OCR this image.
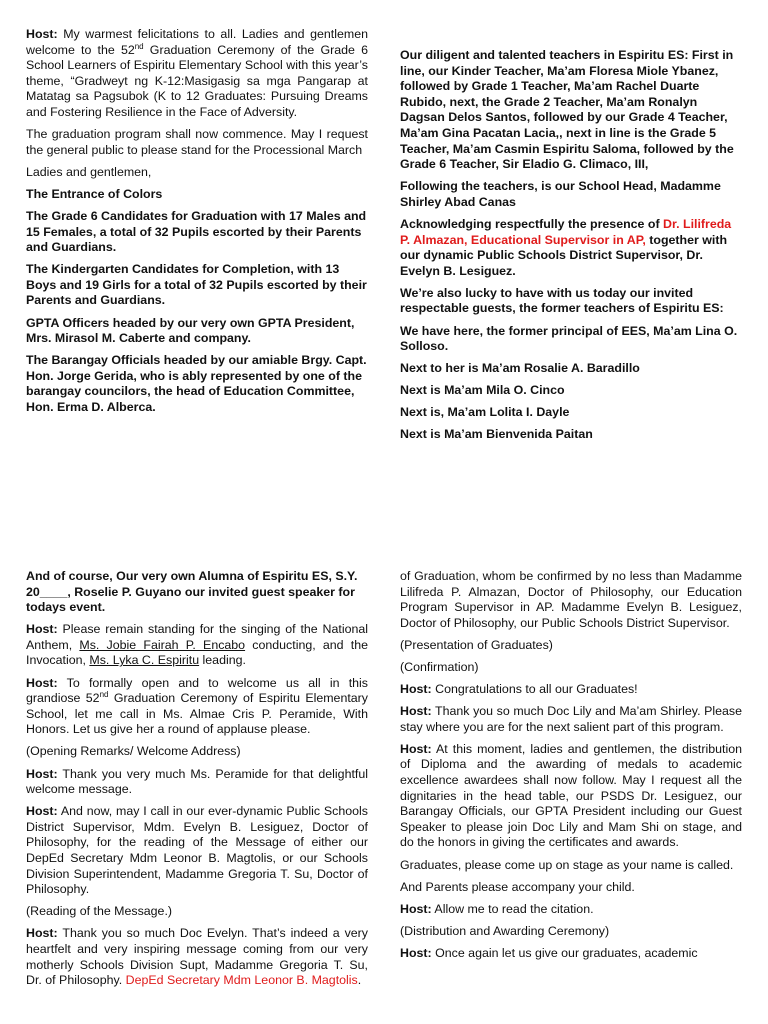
Host: My warmest felicitations to all. Ladies and gentlemen welcome to the 52nd Graduation Ceremony of the Grade 6 School Learners of Espiritu Elementary School with this year’s theme, “Gradweyt ng K-12:Masigasig sa mga Pangarap at Matatag sa Pagsubok (K to 12 Graduates: Pursuing Dreams and Fostering Resilience in the Face of Adversity.

The graduation program shall now commence. May I request the general public to please stand for the Processional March

Ladies and gentlemen,

The Entrance of Colors

The Grade 6 Candidates for Graduation with 17 Males and 15 Females, a total of 32 Pupils escorted by their Parents and Guardians.

The Kindergarten Candidates for Completion, with 13 Boys and 19 Girls for a total of 32 Pupils escorted by their Parents and Guardians.

GPTA Officers headed by our very own GPTA President, Mrs. Mirasol M. Caberte and company.

The Barangay Officials headed by our amiable Brgy. Capt. Hon. Jorge Gerida, who is ably represented by one of the barangay councilors, the head of Education Committee, Hon. Erma D. Alberca.

Our diligent and talented teachers in Espiritu ES: First in line, our Kinder Teacher, Ma’am Floresa Miole Ybanez, followed by Grade 1 Teacher, Ma’am Rachel Duarte Rubido, next, the Grade 2 Teacher, Ma’am Ronalyn Dagsan Delos Santos, followed by our Grade 4 Teacher, Ma’am Gina Pacatan Lacia,, next in line is the Grade 5 Teacher, Ma’am Casmin Espiritu Saloma, followed by the Grade 6 Teacher, Sir Eladio G. Climaco, III,

Following the teachers, is our School Head, Madamme Shirley Abad Canas

Acknowledging respectfully the presence of Dr. Lilifreda P. Almazan, Educational Supervisor in AP, together with our dynamic Public Schools District Supervisor, Dr. Evelyn B. Lesiguez.

We’re also lucky to have with us today our invited respectable guests, the former teachers of Espiritu ES:

We have here, the former principal of EES, Ma’am Lina O. Solloso.

Next to her is Ma’am Rosalie A. Baradillo

Next is Ma’am Mila O. Cinco

Next is, Ma’am Lolita I. Dayle

Next is Ma’am Bienvenida Paitan

And of course, Our very own Alumna of Espiritu ES, S.Y. 20____, Roselie P. Guyano our invited guest speaker for todays event.

Host: Please remain standing for the singing of the National Anthem, Ms. Jobie Fairah P. Encabo conducting, and the Invocation, Ms. Lyka C. Espiritu leading.

Host: To formally open and to welcome us all in this grandiose 52nd Graduation Ceremony of Espiritu Elementary School, let me call in Ms. Almae Cris P. Peramide, With Honors. Let us give her a round of applause please.

(Opening Remarks/ Welcome Address)

Host: Thank you very much Ms. Peramide for that delightful welcome message.

Host: And now, may I call in our ever-dynamic Public Schools District Supervisor, Mdm. Evelyn B. Lesiguez, Doctor of Philosophy, for the reading of the Message of either our DepEd Secretary Mdm Leonor B. Magtolis, or our Schools Division Superintendent, Madamme Gregoria T. Su, Doctor of Philosophy.

(Reading of the Message.)

Host: Thank you so much Doc Evelyn. That’s indeed a very heartfelt and very inspiring message coming from our very motherly Schools Division Supt, Madamme Gregoria T. Su, Dr. of Philosophy. DepEd Secretary Mdm Leonor B. Magtolis.

of Graduation, whom be confirmed by no less than Madamme Lilifreda P. Almazan, Doctor of Philosophy, our Education Program Supervisor in AP. Madamme Evelyn B. Lesiguez, Doctor of Philosophy, our Public Schools District Supervisor.

(Presentation of Graduates)

(Confirmation)

Host: Congratulations to all our Graduates!

Host: Thank you so much Doc Lily and Ma’am Shirley. Please stay where you are for the next salient part of this program.

Host: At this moment, ladies and gentlemen, the distribution of Diploma and the awarding of medals to academic excellence awardees shall now follow. May I request all the dignitaries in the head table, our PSDS Dr. Lesiguez, our Barangay Officials, our GPTA President including our Guest Speaker to please join Doc Lily and Mam Shi on stage, and do the honors in giving the certificates and awards.

Graduates, please come up on stage as your name is called.

And Parents please accompany your child.

Host: Allow me to read the citation.

(Distribution and Awarding Ceremony)

Host: Once again let us give our graduates, academic
